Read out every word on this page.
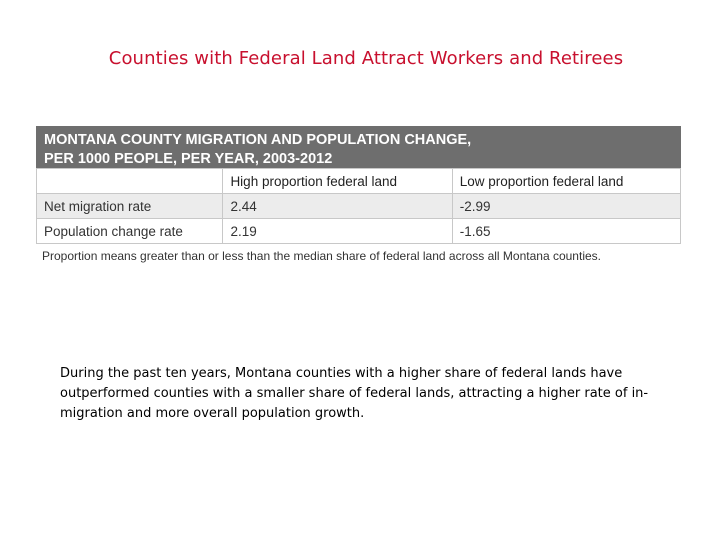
Counties with Federal Land Attract Workers and Retirees
MONTANA COUNTY MIGRATION AND POPULATION CHANGE,
PER 1000 PEOPLE, PER YEAR, 2003-2012
	High proportion federal land	Low proportion federal land
Net migration rate	2.44	-2.99
Population change rate	2.19	-1.65
Proportion means greater than or less than the median share of federal land across all Montana counties.
During the past ten years, Montana counties with a higher share of federal lands have outperformed counties with a smaller share of federal lands, attracting a higher rate of in-migration and more overall population growth.
